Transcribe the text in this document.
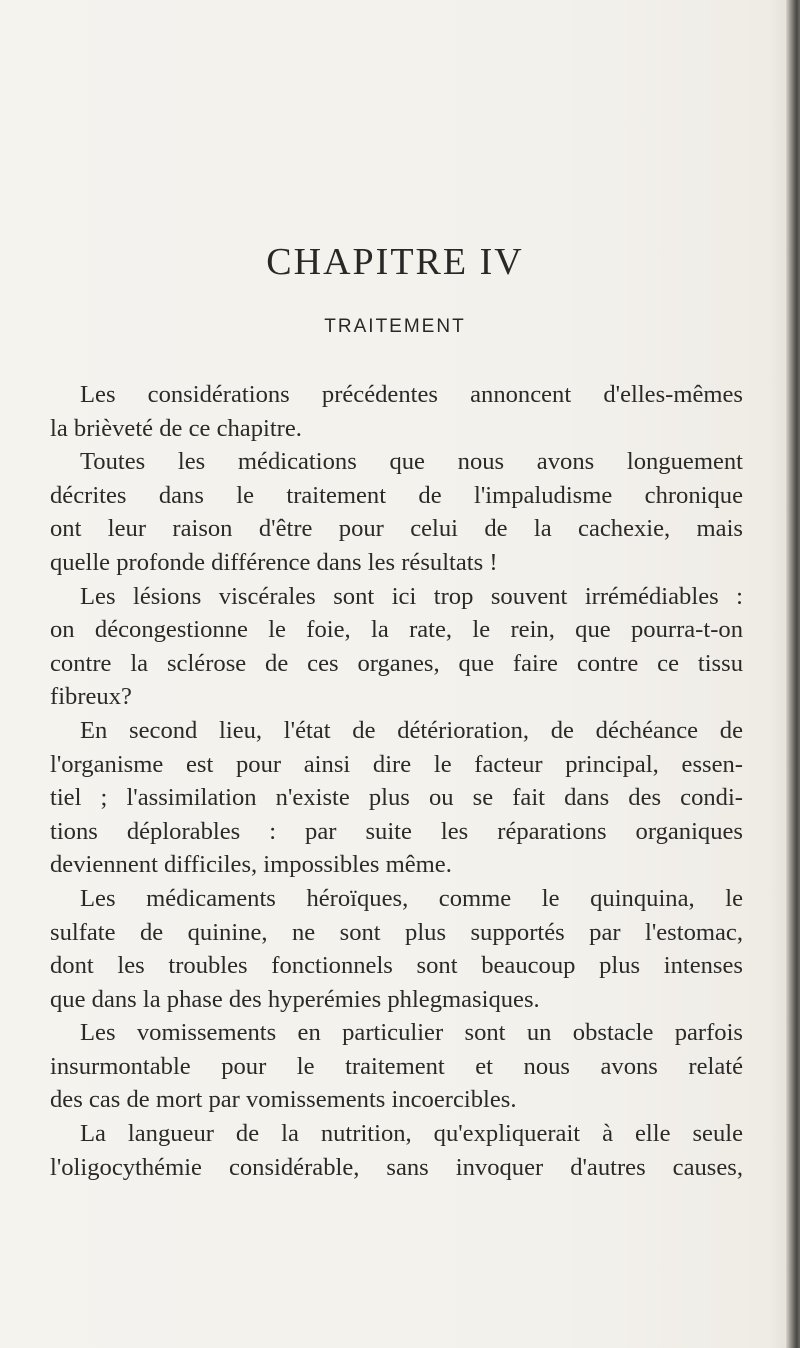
CHAPITRE IV
TRAITEMENT
Les considérations précédentes annoncent d'elles-mêmes
la brièveté de ce chapitre.
Toutes les médications que nous avons longuement
décrites dans le traitement de l'impaludisme chronique
ont leur raison d'être pour celui de la cachexie, mais
quelle profonde différence dans les résultats !
Les lésions viscérales sont ici trop souvent irrémédiables :
on décongestionne le foie, la rate, le rein, que pourra-t-on
contre la sclérose de ces organes, que faire contre ce tissu
fibreux?
En second lieu, l'état de détérioration, de déchéance de
l'organisme est pour ainsi dire le facteur principal, essen-
tiel ; l'assimilation n'existe plus ou se fait dans des condi-
tions déplorables : par suite les réparations organiques
deviennent difficiles, impossibles même.
Les médicaments héroïques, comme le quinquina, le
sulfate de quinine, ne sont plus supportés par l'estomac,
dont les troubles fonctionnels sont beaucoup plus intenses
que dans la phase des hyperémies phlegmasiques.
Les vomissements en particulier sont un obstacle parfois
insurmontable pour le traitement et nous avons relaté
des cas de mort par vomissements incoercibles.
La langueur de la nutrition, qu'expliquerait à elle seule
l'oligocythémie considérable, sans invoquer d'autres causes,
